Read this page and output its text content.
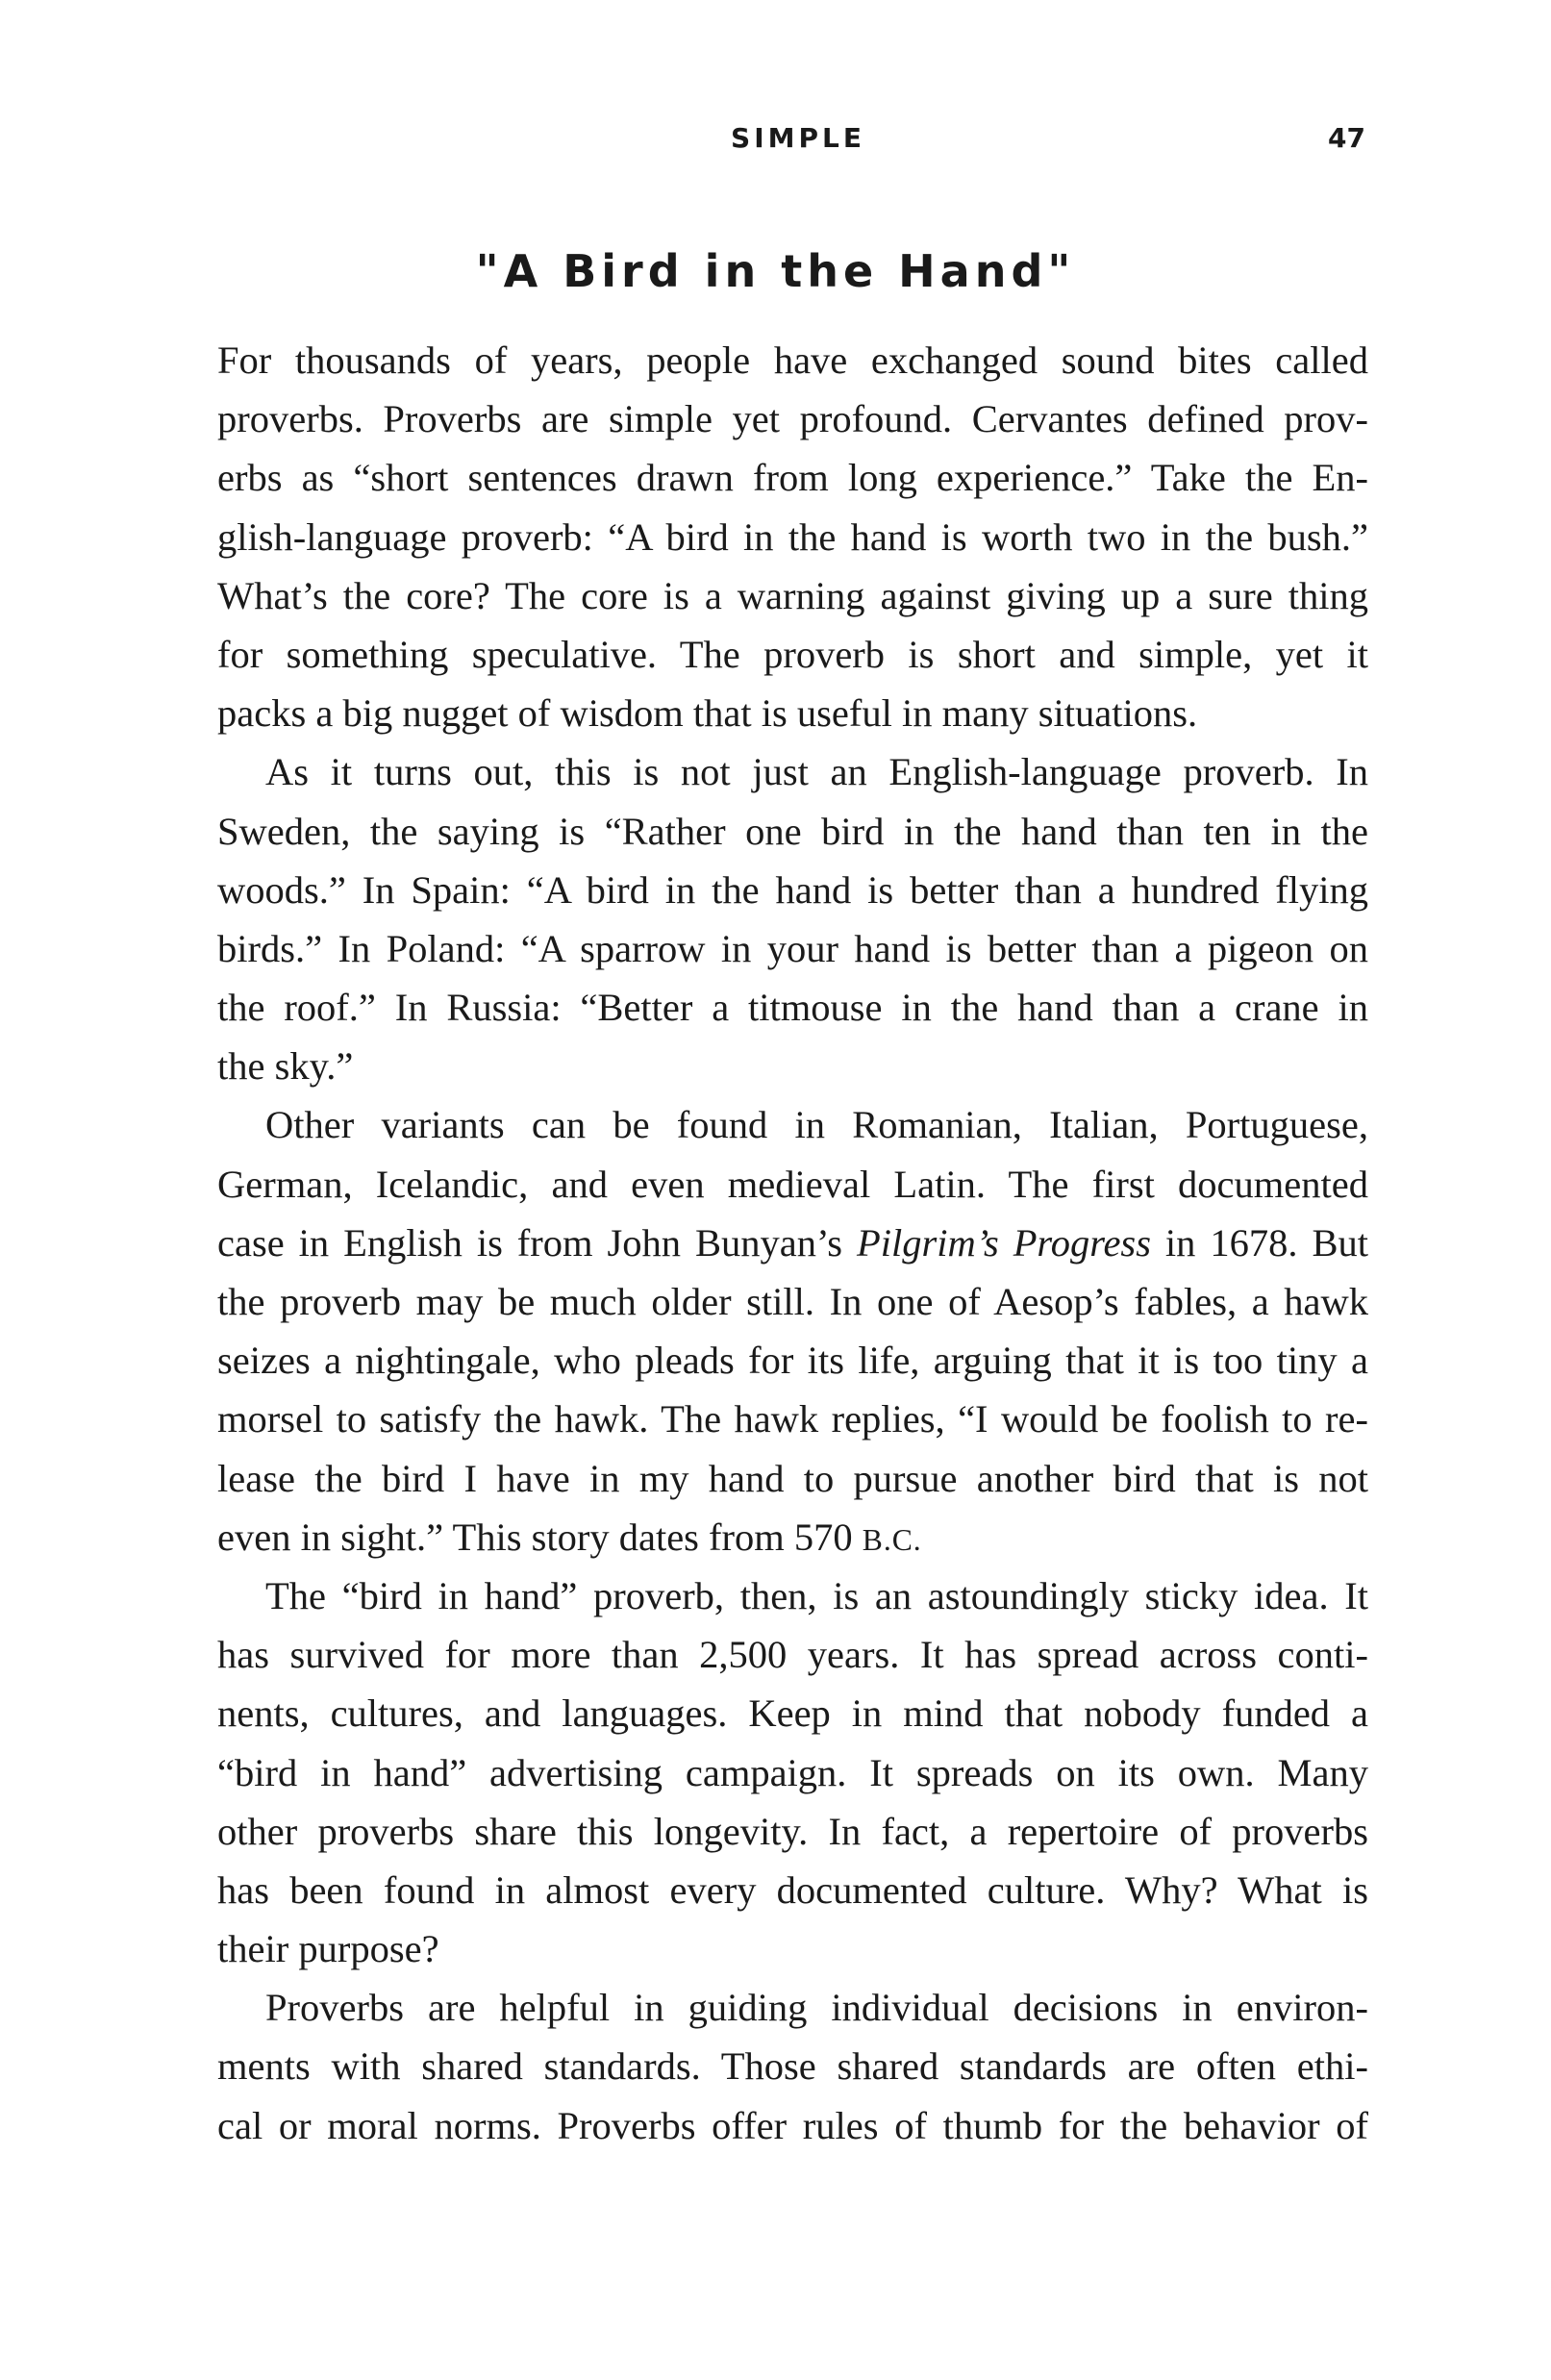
SIMPLE	47
"A Bird in the Hand"
For thousands of years, people have exchanged sound bites called
proverbs. Proverbs are simple yet profound. Cervantes defined prov-
erbs as “short sentences drawn from long experience.” Take the En-
glish-language proverb: “A bird in the hand is worth two in the bush.”
What’s the core? The core is a warning against giving up a sure thing
for something speculative. The proverb is short and simple, yet it
packs a big nugget of wisdom that is useful in many situations.
As it turns out, this is not just an English-language proverb. In
Sweden, the saying is “Rather one bird in the hand than ten in the
woods.” In Spain: “A bird in the hand is better than a hundred flying
birds.” In Poland: “A sparrow in your hand is better than a pigeon on
the roof.” In Russia: “Better a titmouse in the hand than a crane in
the sky.”
Other variants can be found in Romanian, Italian, Portuguese,
German, Icelandic, and even medieval Latin. The first documented
case in English is from John Bunyan’s Pilgrim’s Progress in 1678. But
the proverb may be much older still. In one of Aesop’s fables, a hawk
seizes a nightingale, who pleads for its life, arguing that it is too tiny a
morsel to satisfy the hawk. The hawk replies, “I would be foolish to re-
lease the bird I have in my hand to pursue another bird that is not
even in sight.” This story dates from 570 B.C.
The “bird in hand” proverb, then, is an astoundingly sticky idea. It
has survived for more than 2,500 years. It has spread across conti-
nents, cultures, and languages. Keep in mind that nobody funded a
“bird in hand” advertising campaign. It spreads on its own. Many
other proverbs share this longevity. In fact, a repertoire of proverbs
has been found in almost every documented culture. Why? What is
their purpose?
Proverbs are helpful in guiding individual decisions in environ-
ments with shared standards. Those shared standards are often ethi-
cal or moral norms. Proverbs offer rules of thumb for the behavior of
